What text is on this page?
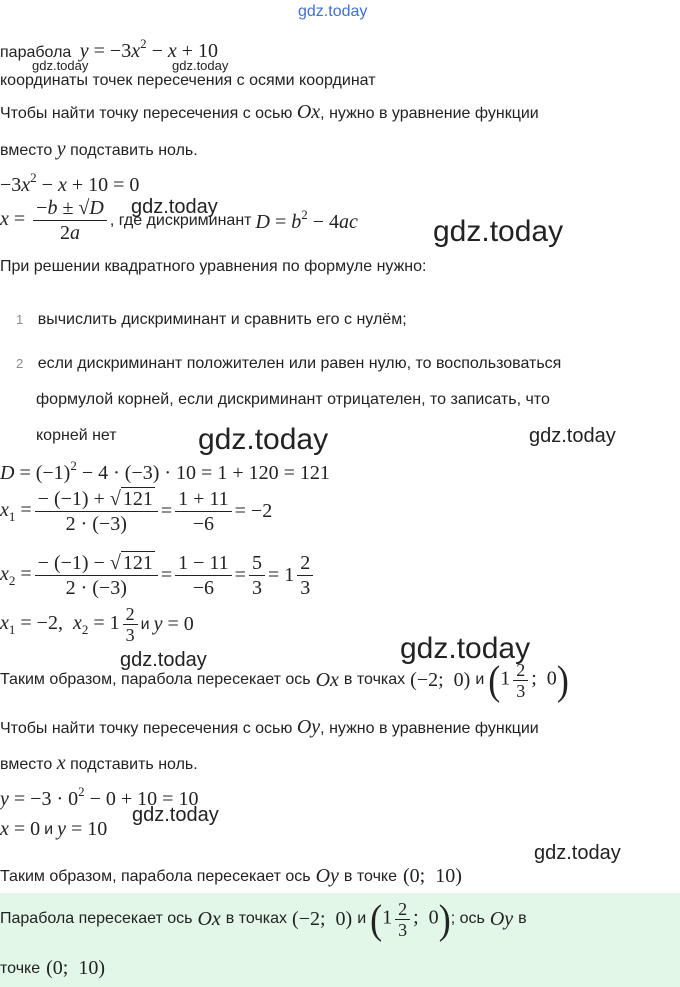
gdz.today
парабола $y = -3x^2 - x + 10$
gdz.today	gdz.today
координаты точек пересечения с осями координат
Чтобы найти точку пересечения с осью Ox, нужно в уравнение функции
вместо y подставить ноль.
$-3x^2 - x + 10 = 0$
$x = \frac{-b \pm √D}{2a}$ , где дискриминант $D = b^2 - 4ac$
gdz.today
gdz.today
При решении квадратного уравнения по формуле нужно:
1 вычислить дискриминант и сравнить его с нулём;
2 если дискриминант положителен или равен нулю, то воспользоваться
формулой корней, если дискриминант отрицателен, то записать, что
корней нет	gdz.today	gdz.today
$D = (-1)^2 - 4 \cdot (-3) \cdot 10 = 1 + 120 = 121$
$x_1 = \frac{- (-1) + √ 121}{2 \cdot (-3)} = \frac{1 + 11}{-6} = -2$
$x_2 = \frac{- (-1) - √ 121}{2 \cdot (-3)} = \frac{1 - 11}{-6} = \frac{5}{3} = 1 \frac{2}{3}$
$x_1 = -2$,  $x_2 = 1 \frac{2}{3}$ и y = 0
gdz.today	gdz.today
Таким образом, парабола пересекает ось Ox в точках (−2;  0) и ($1 \frac{2}{3}$ ;  0)
Чтобы найти точку пересечения с осью Oy, нужно в уравнение функции
вместо x подставить ноль.
$y = -3 \cdot 0^2 - 0 + 10 = 10$
x = 0 и y = 10
gdz.today
gdz.today
Таким образом, парабола пересекает ось Oy в точке (0;  10)
Парабола пересекает ось Ox в точках (−2;  0) и ($1 \frac{2}{3}$ ;  0) ; ось Oy в
точке (0;  10)
